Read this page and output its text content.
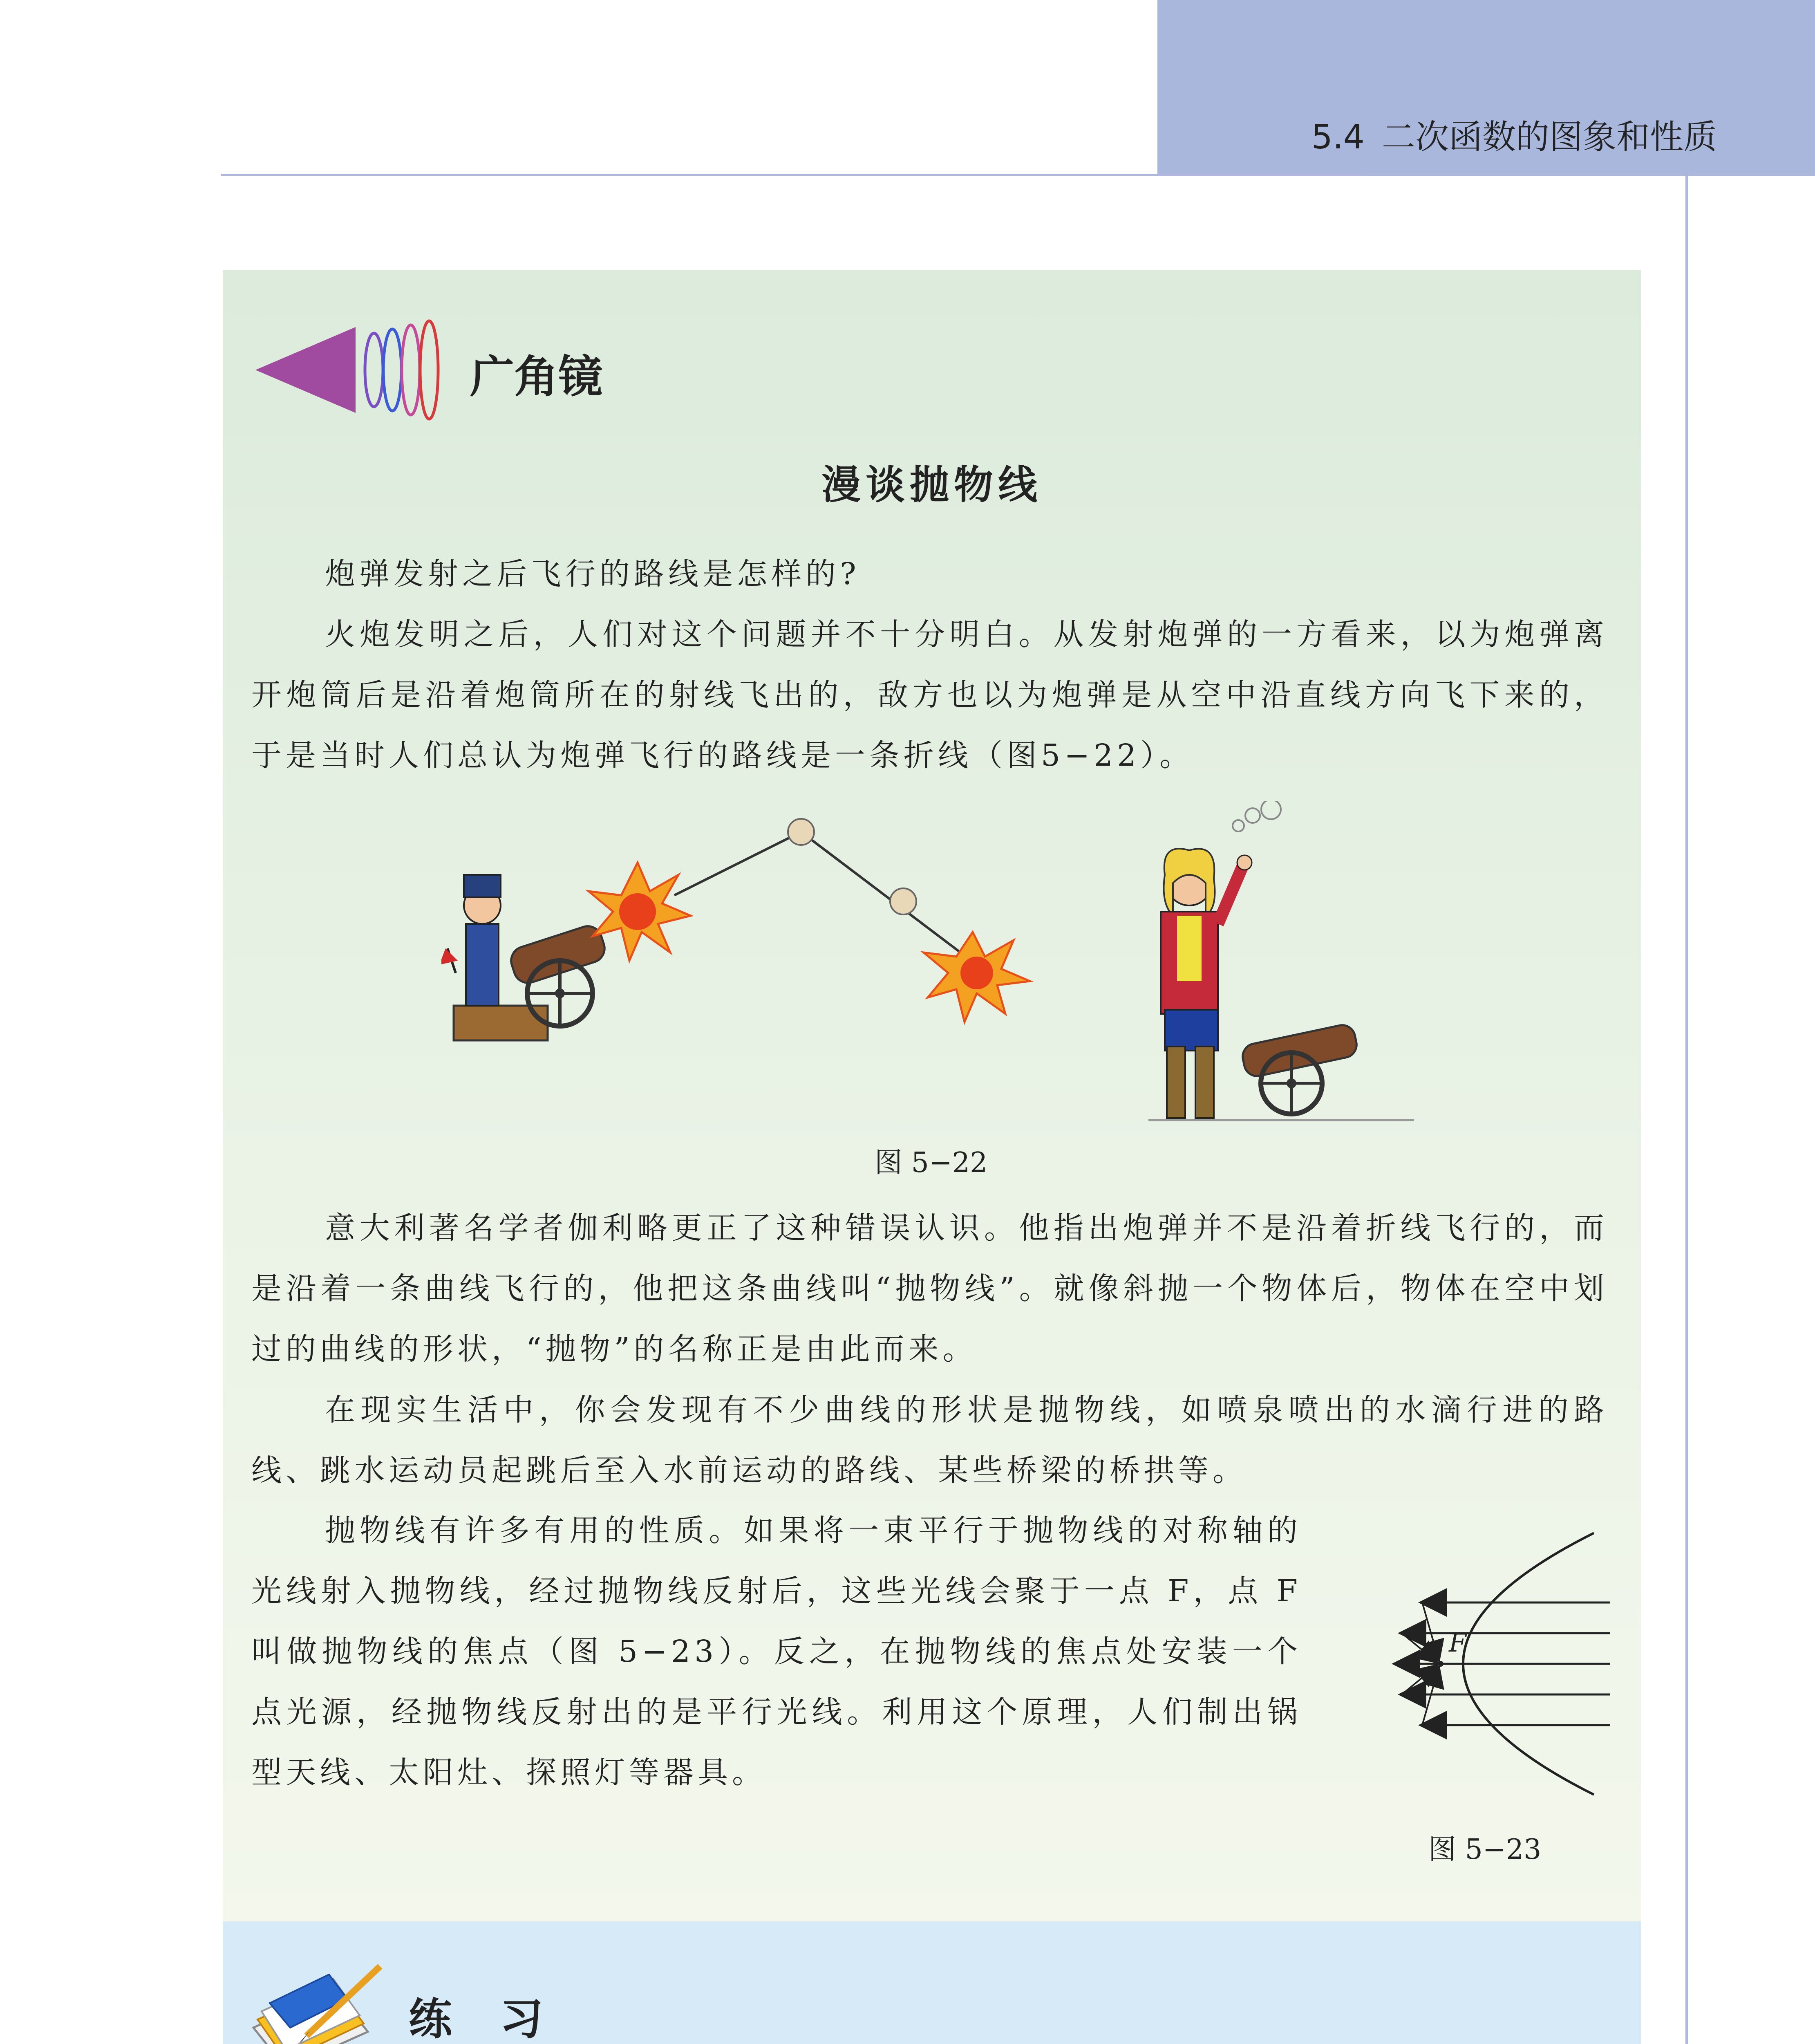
5.4 二次函数的图象和性质
广角镜
漫谈抛物线

炮弹发射之后飞行的路线是怎样的?

火炮发明之后，人们对这个问题并不十分明白。从发射炮弹的一方看来，以为炮弹离开炮筒后是沿着炮筒所在的射线飞出的，敌方也以为炮弹是从空中沿直线方向飞下来的，于是当时人们总认为炮弹飞行的路线是一条折线（图5−22）。

图 5−22

意大利著名学者伽利略更正了这种错误认识。他指出炮弹并不是沿着折线飞行的，而是沿着一条曲线飞行的，他把这条曲线叫“抛物线”。就像斜抛一个物体后，物体在空中划过的曲线的形状，“抛物”的名称正是由此而来。

在现实生活中，你会发现有不少曲线的形状是抛物线，如喷泉喷出的水滴行进的路线、跳水运动员起跳后至入水前运动的路线、某些桥梁的桥拱等。

抛物线有许多有用的性质。如果将一束平行于抛物线的对称轴的光线射入抛物线，经过抛物线反射后，这些光线会聚于一点 F，点 F 叫做抛物线的焦点（图 5−23）。反之，在抛物线的焦点处安装一个点光源，经抛物线反射出的是平行光线。利用这个原理，人们制出锅型天线、太阳灶、探照灯等器具。

F
图 5−23
练 习
